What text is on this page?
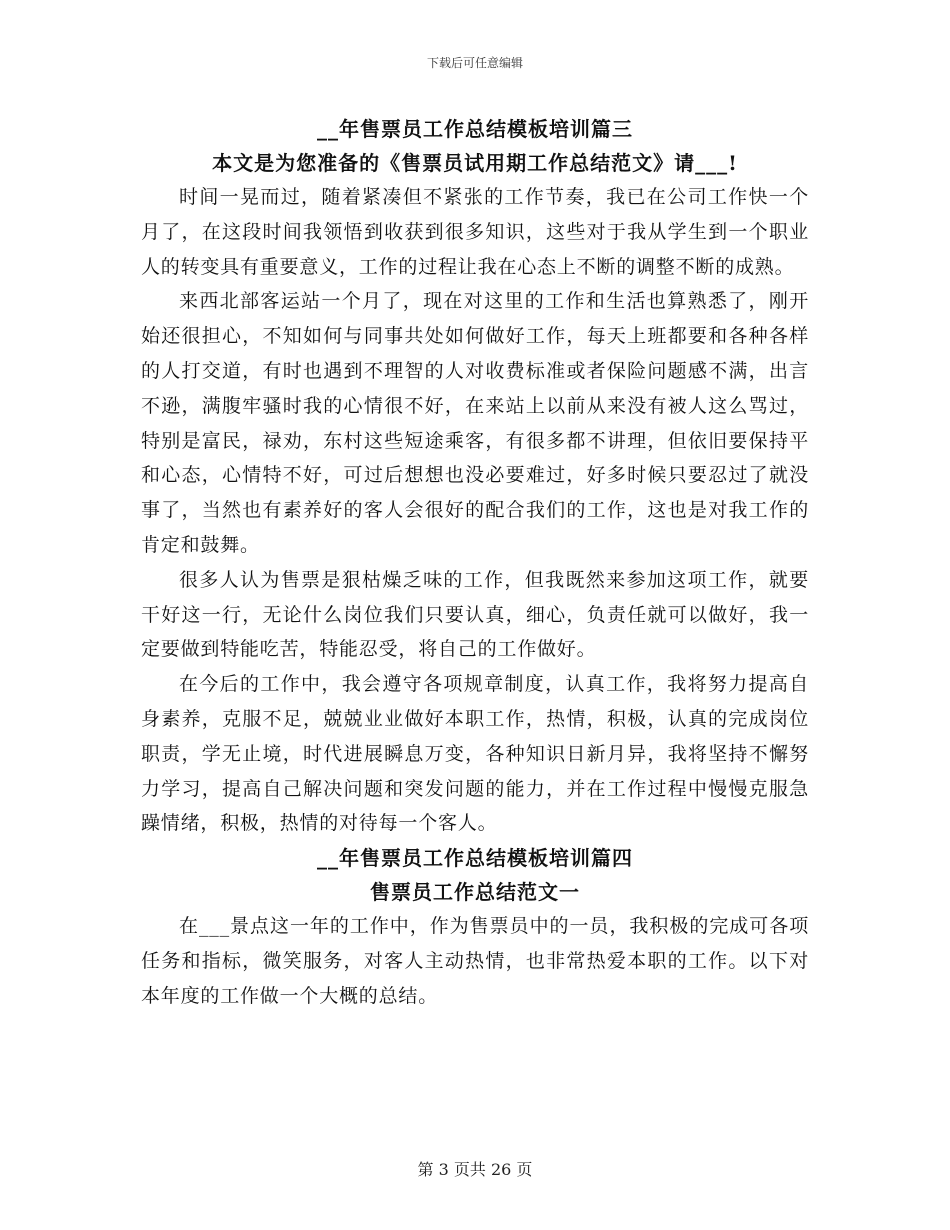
下载后可任意编辑

__年售票员工作总结模板培训篇三

本文是为您准备的《售票员试用期工作总结范文》请___!

时间一晃而过，随着紧凑但不紧张的工作节奏，我已在公司工作快一个月了，在这段时间我领悟到收获到很多知识，这些对于我从学生到一个职业人的转变具有重要意义，工作的过程让我在心态上不断的调整不断的成熟。

来西北部客运站一个月了，现在对这里的工作和生活也算熟悉了，刚开始还很担心，不知如何与同事共处如何做好工作，每天上班都要和各种各样的人打交道，有时也遇到不理智的人对收费标准或者保险问题感不满，出言不逊，满腹牢骚时我的心情很不好，在来站上以前从来没有被人这么骂过，特别是富民，禄劝，东村这些短途乘客，有很多都不讲理，但依旧要保持平和心态，心情特不好，可过后想想也没必要难过，好多时候只要忍过了就没事了，当然也有素养好的客人会很好的配合我们的工作，这也是对我工作的肯定和鼓舞。

很多人认为售票是狠枯燥乏味的工作，但我既然来参加这项工作，就要干好这一行，无论什么岗位我们只要认真，细心，负责任就可以做好，我一定要做到特能吃苦，特能忍受，将自己的工作做好。

在今后的工作中，我会遵守各项规章制度，认真工作，我将努力提高自身素养，克服不足，兢兢业业做好本职工作，热情，积极，认真的完成岗位职责，学无止境，时代进展瞬息万变，各种知识日新月异，我将坚持不懈努力学习，提高自己解决问题和突发问题的能力，并在工作过程中慢慢克服急躁情绪，积极，热情的对待每一个客人。

__年售票员工作总结模板培训篇四

售票员工作总结范文一

在___景点这一年的工作中，作为售票员中的一员，我积极的完成可各项任务和指标，微笑服务，对客人主动热情，也非常热爱本职的工作。以下对本年度的工作做一个大概的总结。

第 3 页共 26 页
